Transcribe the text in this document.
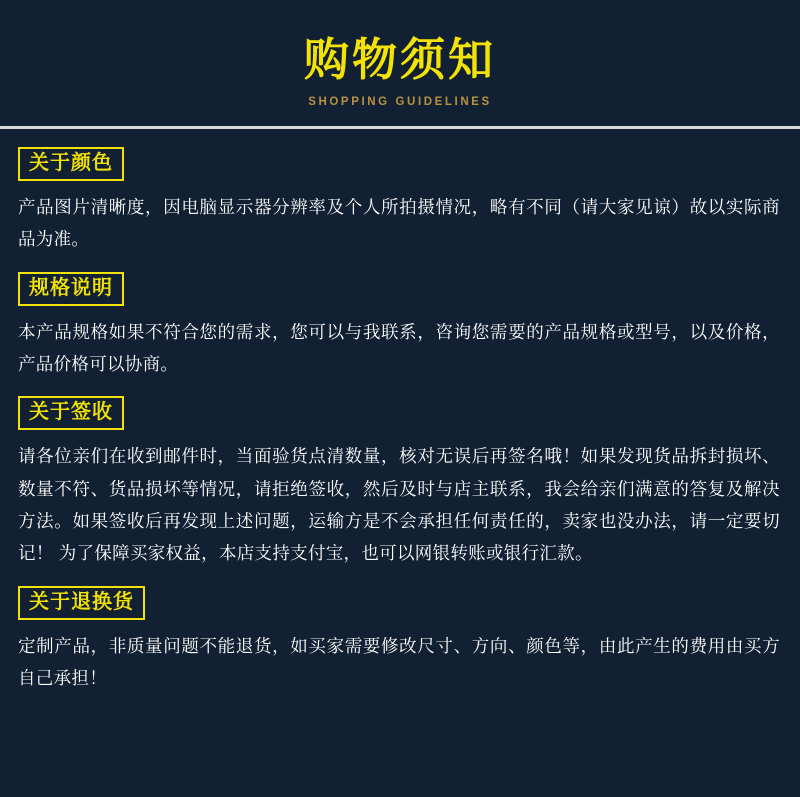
购物须知
SHOPPING GUIDELINES
关于颜色

产品图片清晰度，因电脑显示器分辨率及个人所拍摄情况，略有不同（请大家见谅）故以实际商品为准。

规格说明

本产品规格如果不符合您的需求，您可以与我联系，咨询您需要的产品规格或型号，以及价格，产品价格可以协商。

关于签收

请各位亲们在收到邮件时，当面验货点清数量，核对无误后再签名哦！如果发现货品拆封损坏、数量不符、货品损坏等情况，请拒绝签收，然后及时与店主联系，我会给亲们满意的答复及解决方法。如果签收后再发现上述问题，运输方是不会承担任何责任的，卖家也没办法，请一定要切记！ 为了保障买家权益，本店支持支付宝，也可以网银转账或银行汇款。

关于退换货

定制产品，非质量问题不能退货，如买家需要修改尺寸、方向、颜色等，由此产生的费用由买方自己承担！
